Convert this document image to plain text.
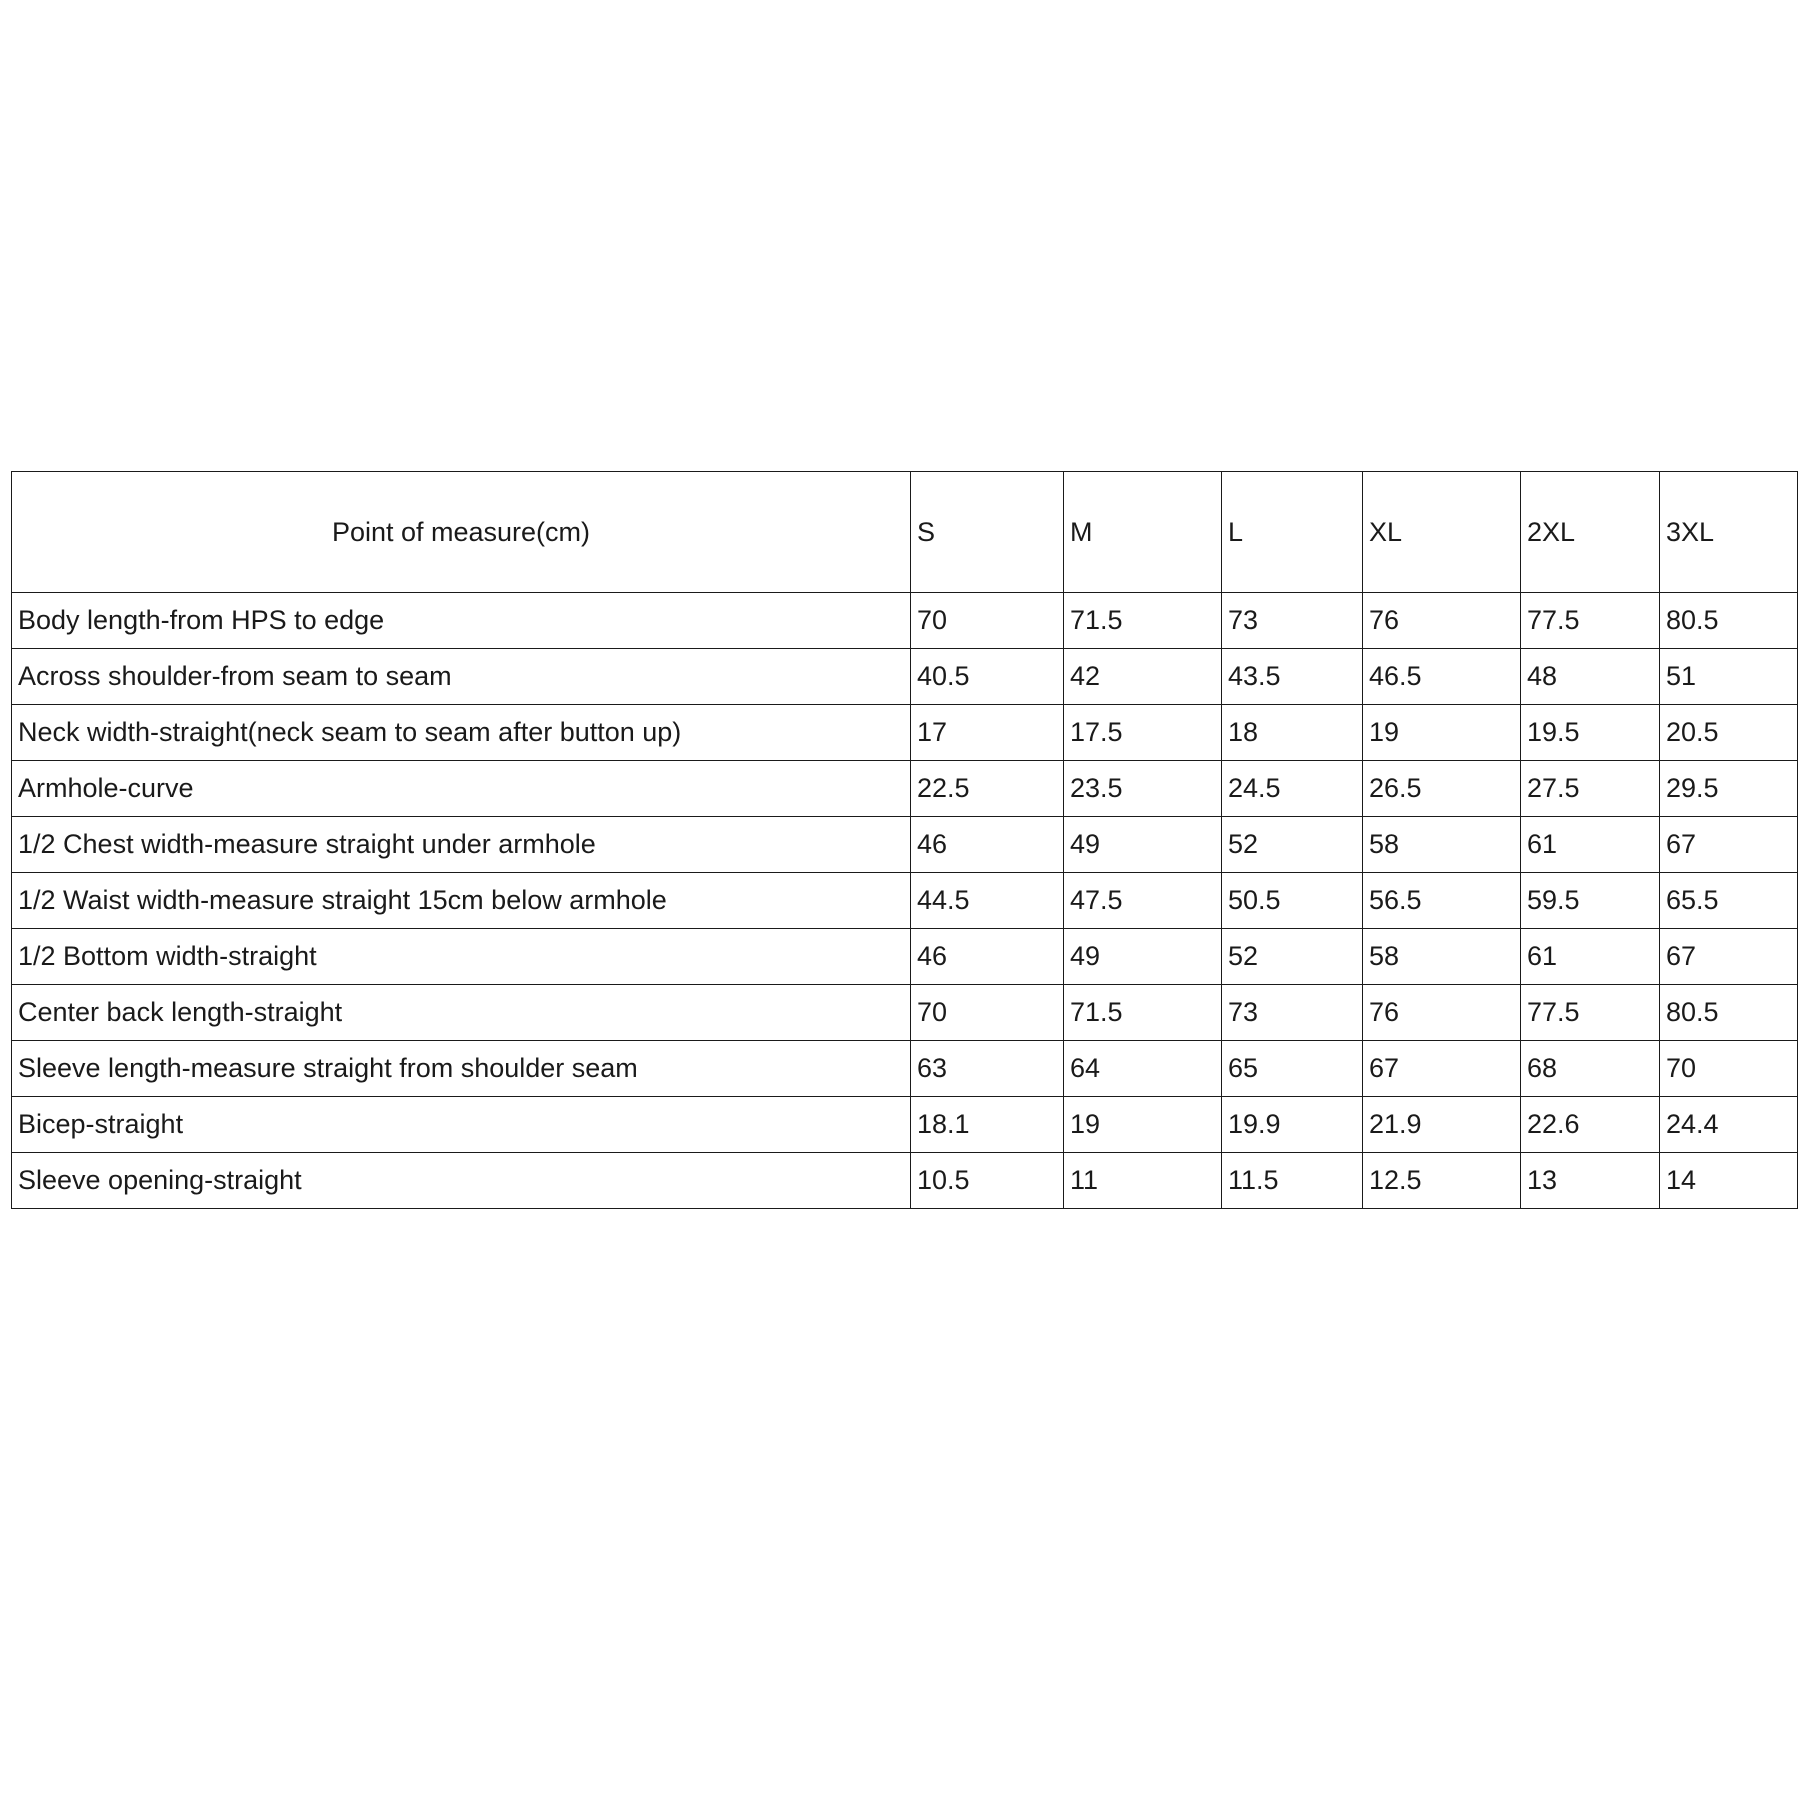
Point of measure(cm)	S	M	L	XL	2XL	3XL
Body length-from HPS to edge	70	71.5	73	76	77.5	80.5
Across shoulder-from seam to seam	40.5	42	43.5	46.5	48	51
Neck width-straight(neck seam to seam after button up)	17	17.5	18	19	19.5	20.5
Armhole-curve	22.5	23.5	24.5	26.5	27.5	29.5
1/2 Chest width-measure straight under armhole	46	49	52	58	61	67
1/2 Waist width-measure straight 15cm below armhole	44.5	47.5	50.5	56.5	59.5	65.5
1/2 Bottom width-straight	46	49	52	58	61	67
Center back length-straight	70	71.5	73	76	77.5	80.5
Sleeve length-measure straight from shoulder seam	63	64	65	67	68	70
Bicep-straight	18.1	19	19.9	21.9	22.6	24.4
Sleeve opening-straight	10.5	11	11.5	12.5	13	14
